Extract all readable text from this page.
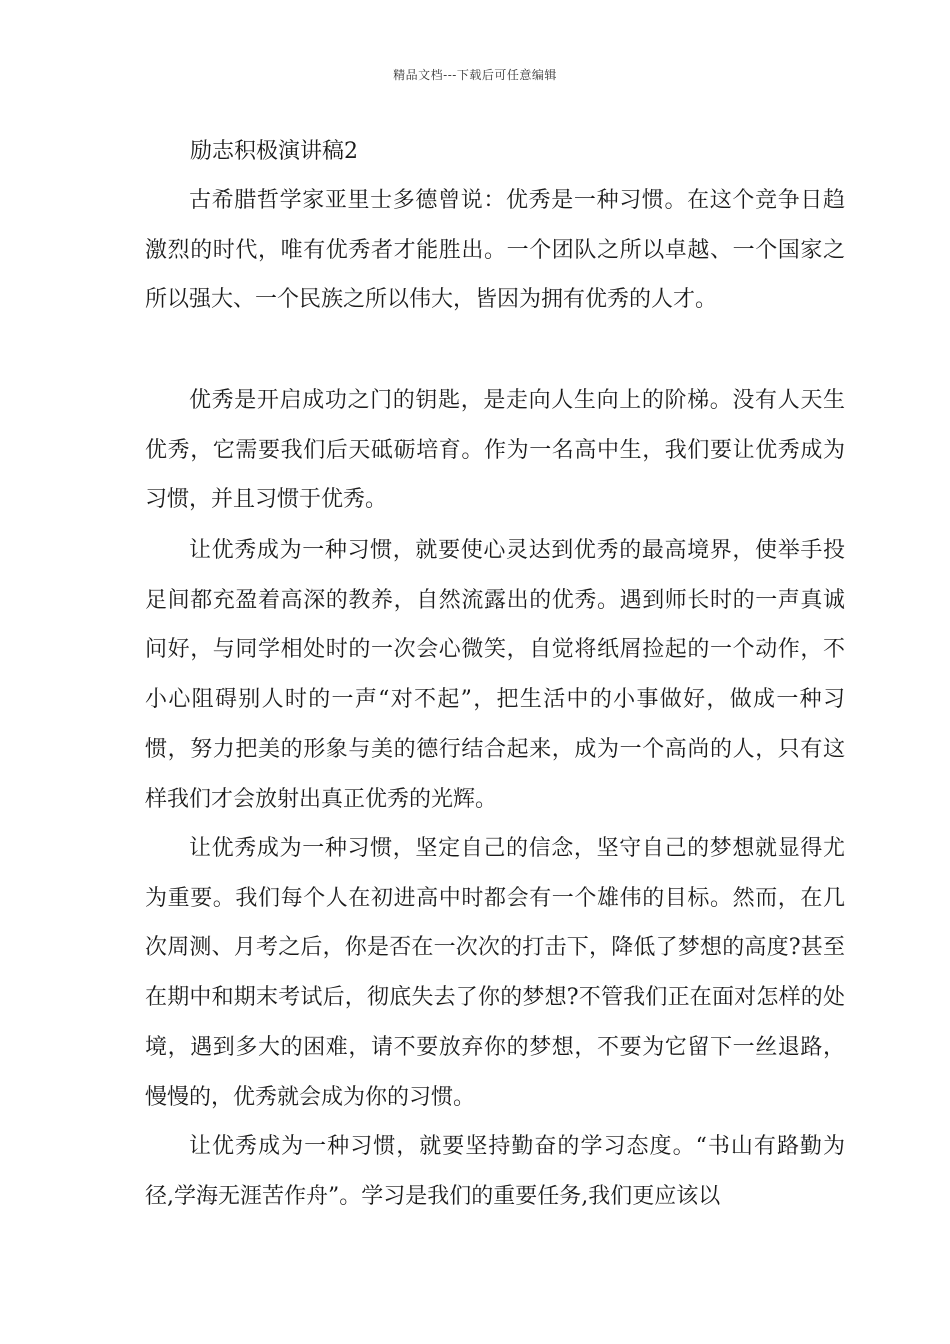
精品文档---下载后可任意编辑
励志积极演讲稿2

古希腊哲学家亚里士多德曾说：优秀是一种习惯。在这个竞争日趋激烈的时代，唯有优秀者才能胜出。一个团队之所以卓越、一个国家之所以强大、一个民族之所以伟大，皆因为拥有优秀的人才。

优秀是开启成功之门的钥匙，是走向人生向上的阶梯。没有人天生优秀，它需要我们后天砥砺培育。作为一名高中生，我们要让优秀成为习惯，并且习惯于优秀。

让优秀成为一种习惯，就要使心灵达到优秀的最高境界，使举手投足间都充盈着高深的教养，自然流露出的优秀。遇到师长时的一声真诚问好，与同学相处时的一次会心微笑，自觉将纸屑捡起的一个动作，不小心阻碍别人时的一声“对不起”，把生活中的小事做好，做成一种习惯，努力把美的形象与美的德行结合起来，成为一个高尚的人，只有这样我们才会放射出真正优秀的光辉。

让优秀成为一种习惯，坚定自己的信念，坚守自己的梦想就显得尤为重要。我们每个人在初进高中时都会有一个雄伟的目标。然而，在几次周测、月考之后，你是否在一次次的打击下，降低了梦想的高度?甚至在期中和期末考试后，彻底失去了你的梦想?不管我们正在面对怎样的处境，遇到多大的困难，请不要放弃你的梦想，不要为它留下一丝退路，慢慢的，优秀就会成为你的习惯。

让优秀成为一种习惯，就要坚持勤奋的学习态度。“书山有路勤为径,学海无涯苦作舟”。学习是我们的重要任务,我们更应该以
